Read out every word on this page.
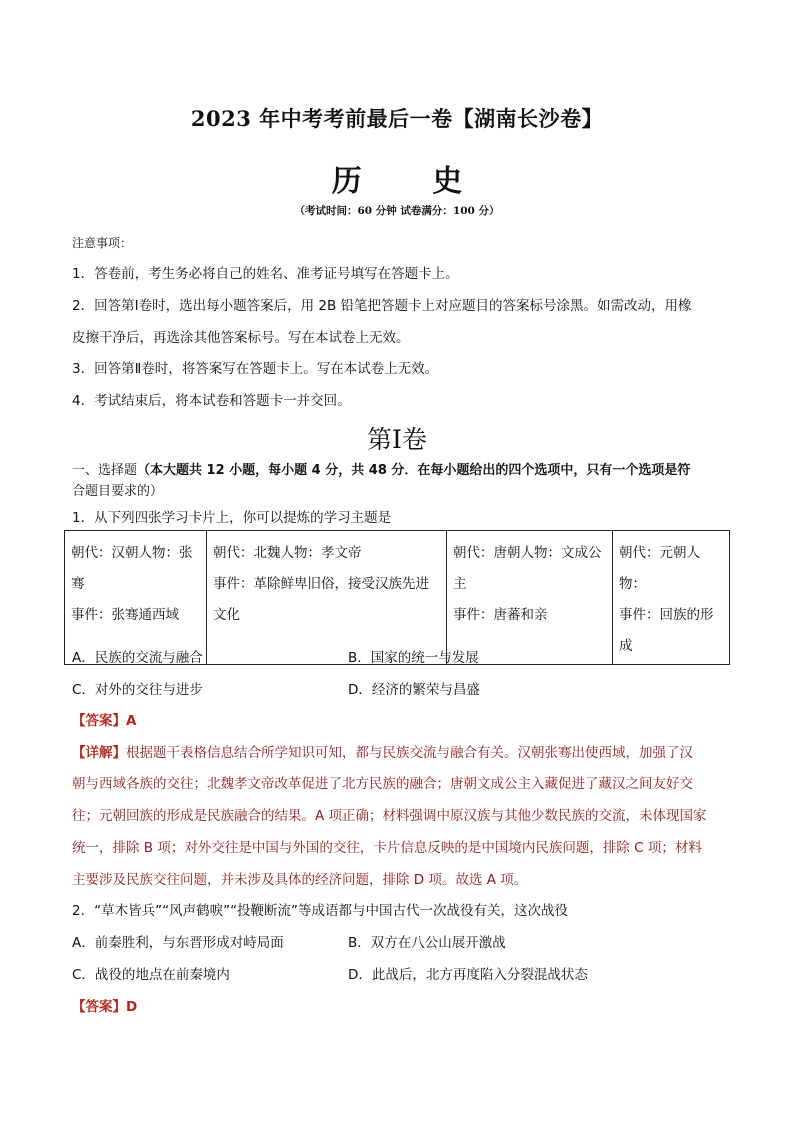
2023 年中考考前最后一卷【湖南长沙卷】
历 史
（考试时间：60 分钟 试卷满分：100 分）
注意事项：
1．答卷前，考生务必将自己的姓名、准考证号填写在答题卡上。
2．回答第Ⅰ卷时，选出每小题答案后，用 2B 铅笔把答题卡上对应题目的答案标号涂黑。如需改动，用橡
皮擦干净后，再选涂其他答案标号。写在本试卷上无效。
3．回答第Ⅱ卷时，将答案写在答题卡上。写在本试卷上无效。
4．考试结束后，将本试卷和答题卡一并交回。
第Ⅰ卷
一、选择题（本大题共 12 小题，每小题 4 分，共 48 分．在每小题给出的四个选项中，只有一个选项是符
合题目要求的）
1．从下列四张学习卡片上，你可以提炼的学习主题是
朝代：汉朝人物：张
骞
事件：张骞通西域

朝代：北魏人物：孝文帝
事件：革除鲜卑旧俗，接受汉族先进
文化

朝代：唐朝人物：文成公
主
事件：唐蕃和亲

朝代：元朝人物：
事件：回族的形
成
A．民族的交流与融合	B．国家的统一与发展
C．对外的交往与进步	D．经济的繁荣与昌盛
【答案】A
【详解】根据题干表格信息结合所学知识可知，都与民族交流与融合有关。汉朝张骞出使西域，加强了汉
朝与西域各族的交往；北魏孝文帝改革促进了北方民族的融合；唐朝文成公主入藏促进了藏汉之间友好交
往；元朝回族的形成是民族融合的结果。A 项正确；材料强调中原汉族与其他少数民族的交流，未体现国家
统一，排除 B 项；对外交往是中国与外国的交往，卡片信息反映的是中国境内民族问题，排除 C 项；材料
主要涉及民族交往问题，并未涉及具体的经济问题，排除 D 项。故选 A 项。
2．“草木皆兵”“风声鹤唳”“投鞭断流”等成语都与中国古代一次战役有关，这次战役
A．前秦胜利，与东晋形成对峙局面	B．双方在八公山展开激战
C．战役的地点在前秦境内	D．此战后，北方再度陷入分裂混战状态
【答案】D
